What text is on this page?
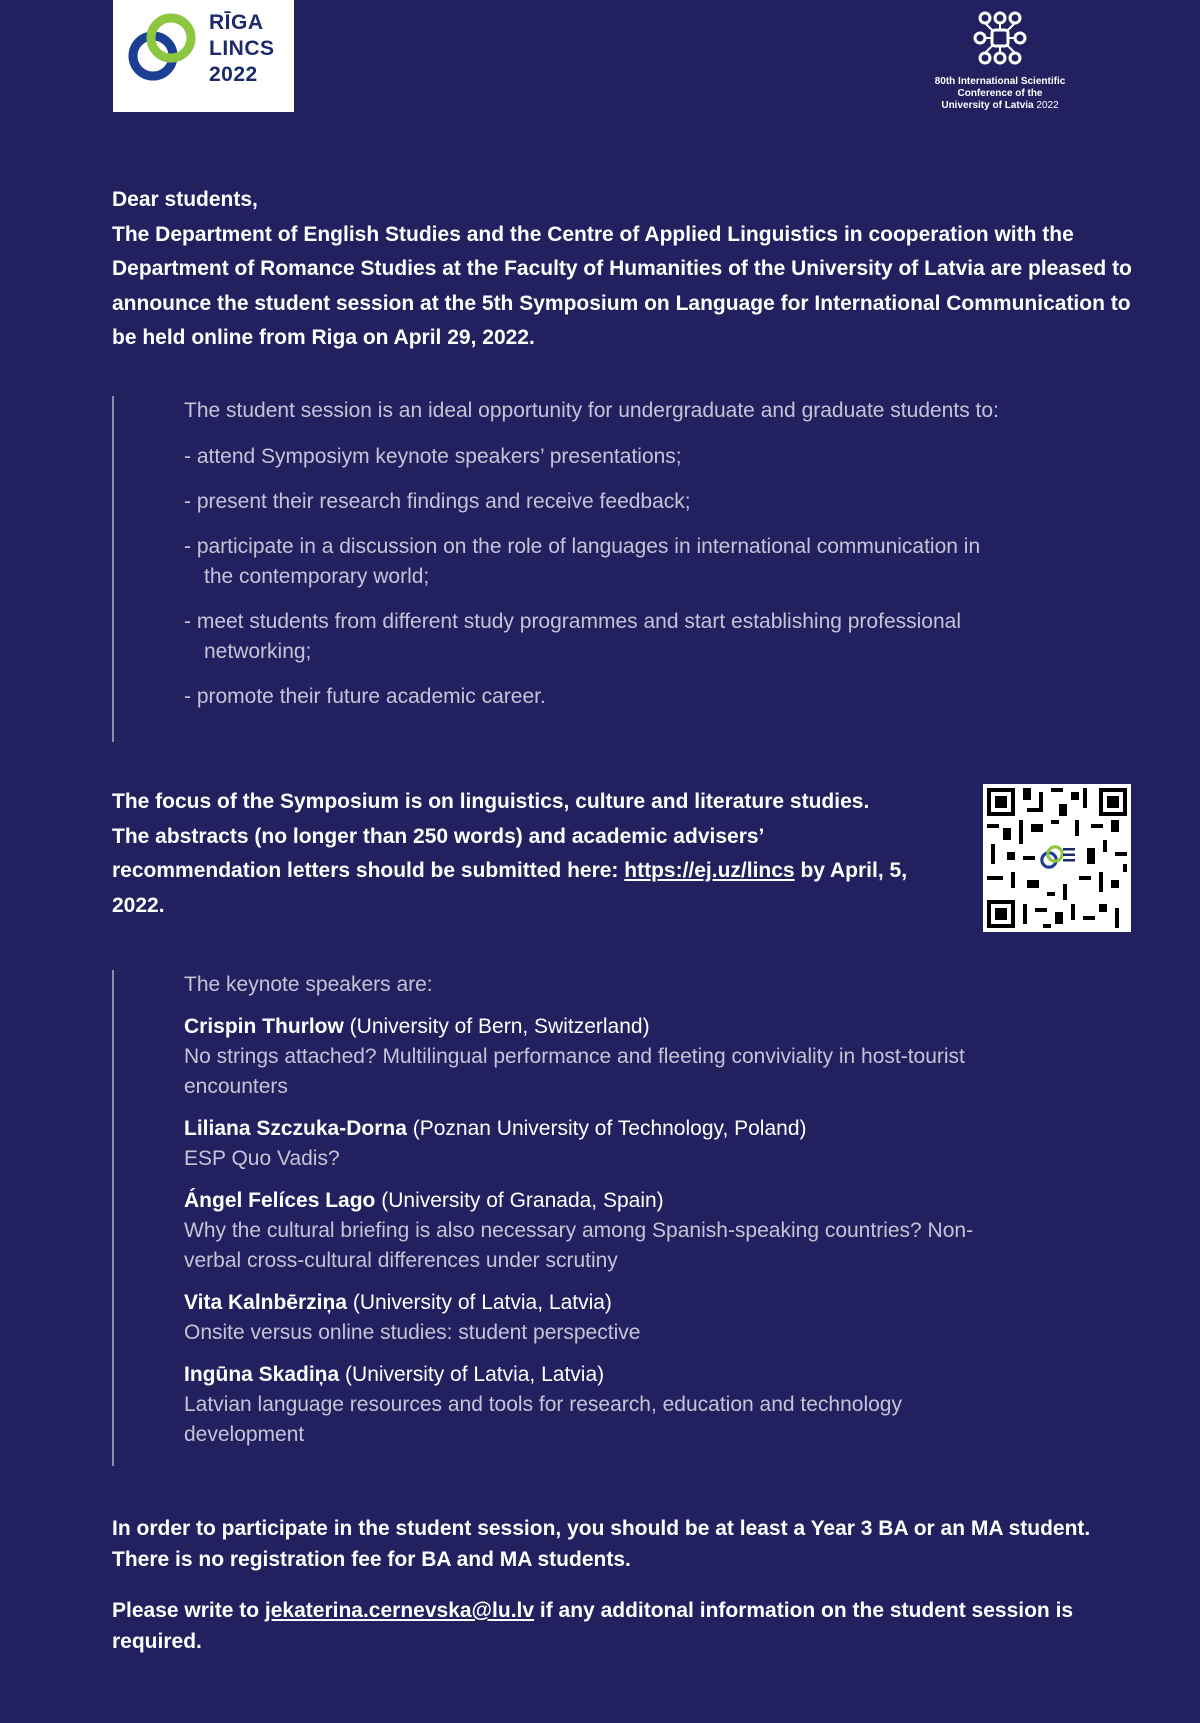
RĪGA
LINCS
2022	80th International Scientific
Conference of the
University of Latvia 2022

Dear students,

The Department of English Studies and the Centre of Applied Linguistics in cooperation with the Department of Romance Studies at the Faculty of Humanities of the University of Latvia are pleased to announce the student session at the 5th Symposium on Language for International Communication to be held online from Riga on April 29, 2022.

The student session is an ideal opportunity for undergraduate and graduate students to:

- attend Symposiym keynote speakers’ presentations;

- present their research findings and receive feedback;

- participate in a discussion on the role of languages in international communication in the contemporary world;

- meet students from different study programmes and start establishing professional networking;

- promote their future academic career.

The focus of the Symposium is on linguistics, culture and literature studies. The abstracts (no longer than 250 words) and academic advisers’ recommendation letters should be submitted here: https://ej.uz/lincs by April, 5, 2022.

The keynote speakers are:

Crispin Thurlow (University of Bern, Switzerland)
No strings attached? Multilingual performance and fleeting conviviality in host-tourist encounters
Liliana Szczuka-Dorna (Poznan University of Technology, Poland)
ESP Quo Vadis?
Ángel Felíces Lago (University of Granada, Spain)
Why the cultural briefing is also necessary among Spanish-speaking countries? Non-verbal cross-cultural differences under scrutiny
Vita Kalnbērziņa (University of Latvia, Latvia)
Onsite versus online studies: student perspective
Ingūna Skadiņa (University of Latvia, Latvia)
Latvian language resources and tools for research, education and technology development

In order to participate in the student session, you should be at least a Year 3 BA or an MA student. There is no registration fee for BA and MA students.

Please write to jekaterina.cernevska@lu.lv if any additonal information on the student session is required.
